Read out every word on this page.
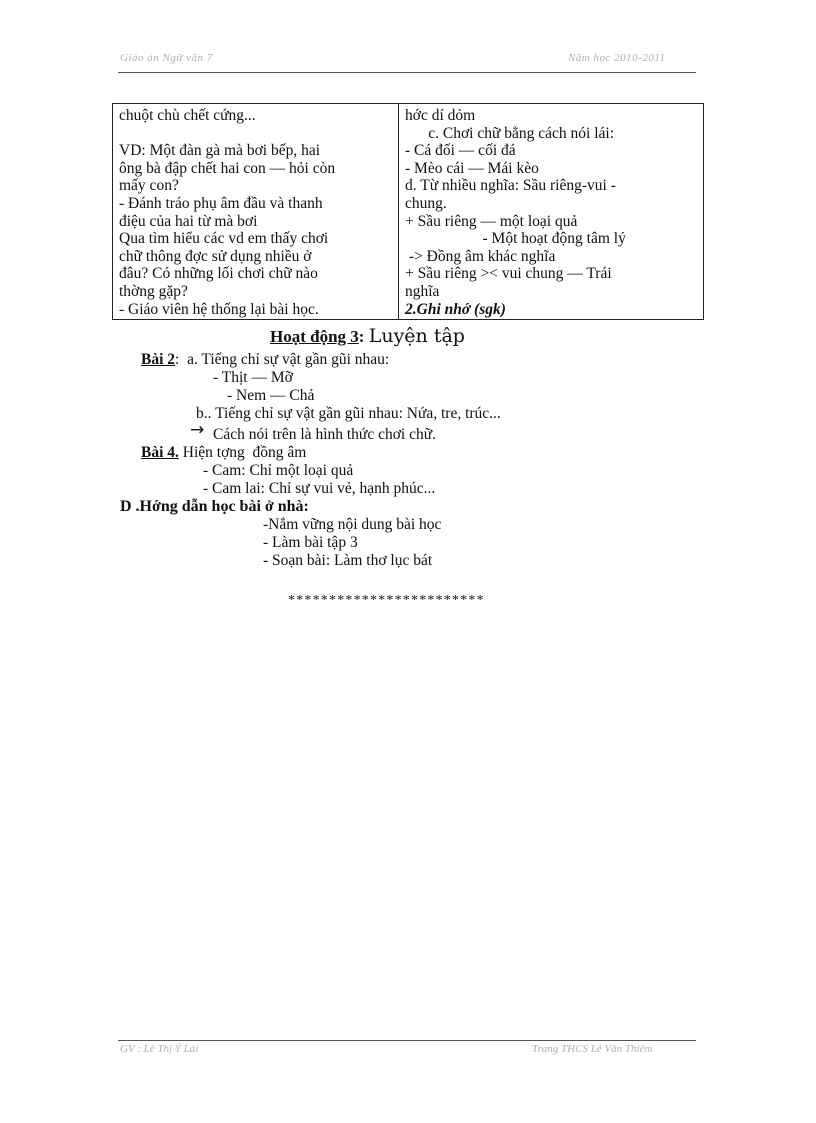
Giáo án Ngữ văn 7	Năm học 2010-2011
chuột chù chết cứng...

VD: Một đàn gà mà bơi bếp, hai
ông bà đập chết hai con — hỏi còn
mấy con?
- Đánh tráo phụ âm đầu và thanh
điệu của hai từ mà bơi
Qua tìm hiểu các vd em thấy chơi
chữ thông đợc sử dụng nhiều ở
đâu? Có những lối chơi chữ nào
thờng gặp?
- Giáo viên hệ thống lại bài học.
hớc dí dỏm
c. Chơi chữ bằng cách nói lái:
- Cá đối — cối đá
- Mèo cái — Mái kèo
d. Từ nhiều nghĩa: Sầu riêng-vui -
chung.
+ Sầu riêng — một loại quả
- Một hoạt động tâm lý
-> Đồng âm khác nghĩa
+ Sầu riêng >< vui chung — Trái
nghĩa
2.Ghi nhớ (sgk)
Hoạt động 3: Luyện tập
Bài 2:  a. Tiếng chỉ sự vật gần gũi nhau:
- Thịt — Mỡ
- Nem — Chả
b.. Tiếng chỉ sự vật gần gũi nhau: Nứa, tre, trúc...
→ Cách nói trên là hình thức chơi chữ.
Bài 4. Hiện tợng  đồng âm
- Cam: Chỉ một loại quả
- Cam lai: Chỉ sự vui vẻ, hạnh phúc...
D .Hớng dẫn học bài ở nhà:
-Nắm vững nội dung bài học
- Làm bài tập 3
- Soạn bài: Làm thơ lục bát
************************
GV : Lê Thị Ý Lài	Trang THCS Lê Văn Thiêm
